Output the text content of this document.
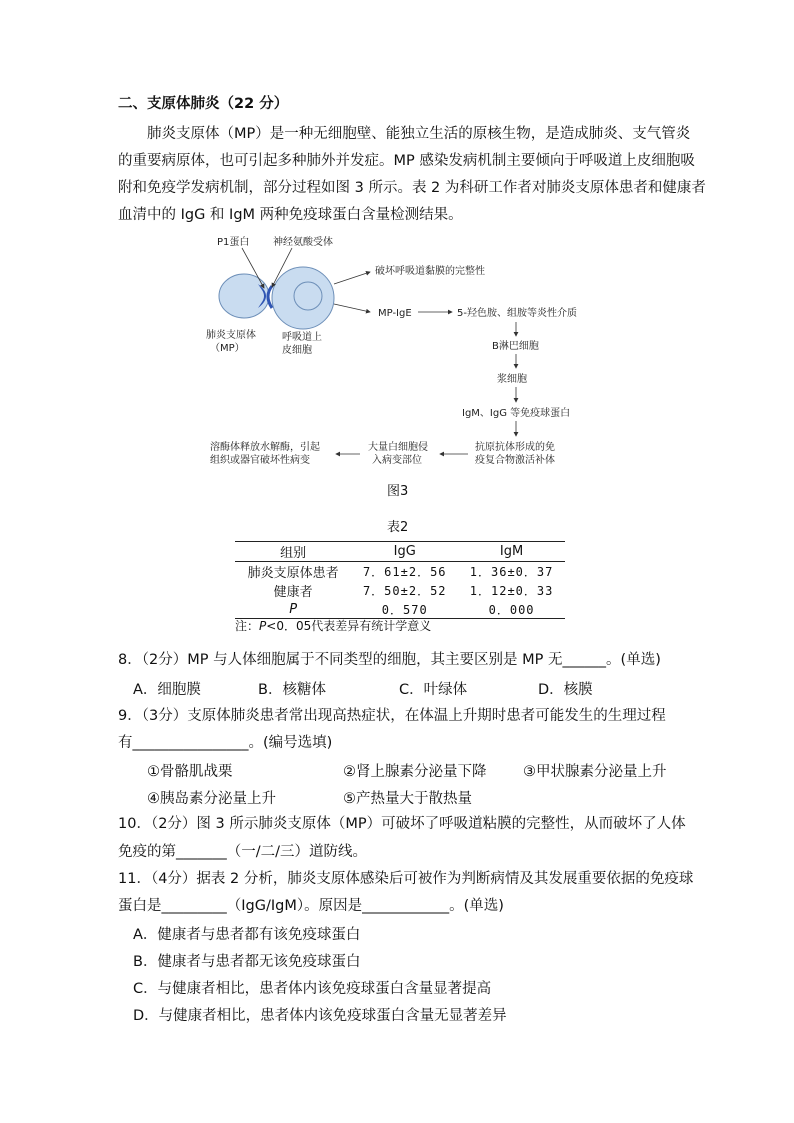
二、支原体肺炎（22 分）
肺炎支原体（MP）是一种无细胞壁、能独立生活的原核生物，是造成肺炎、支气管炎
的重要病原体，也可引起多种肺外并发症。MP 感染发病机制主要倾向于呼吸道上皮细胞吸
附和免疫学发病机制，部分过程如图 3 所示。表 2 为科研工作者对肺炎支原体患者和健康者
血清中的 IgG 和 IgM 两种免疫球蛋白含量检测结果。
P1蛋白 神经氨酸受体
肺炎支原体
（MP）
呼吸道上
皮细胞
破坏呼吸道黏膜的完整性
MP-IgE	5-羟色胺、组胺等炎性介质
B淋巴细胞
浆细胞
IgM、IgG 等免疫球蛋白
抗原抗体形成的免
疫复合物激活补体
大量白细胞侵
入病变部位
溶酶体释放水解酶，引起
组织或器官破坏性病变
图3
表2
组别	IgG	IgM
肺炎支原体患者	7．61±2．56	1．36±0．37
健康者	7．50±2．52	1．12±0．33
P	0．570	0．000
注：P<0．05代表差异有统计学意义
8．（2分）MP 与人体细胞属于不同类型的细胞，其主要区别是 MP 无______。(单选)
A．细胞膜	B．核糖体	C．叶绿体	D．核膜
9．（3分）支原体肺炎患者常出现高热症状，在体温上升期时患者可能发生的生理过程
有________________。(编号选填)
①骨骼肌战栗	②肾上腺素分泌量下降	③甲状腺素分泌量上升
④胰岛素分泌量上升	⑤产热量大于散热量
10．（2分）图 3 所示肺炎支原体（MP）可破坏了呼吸道粘膜的完整性，从而破坏了人体
免疫的第_______（一/二/三）道防线。
11．（4分）据表 2 分析，肺炎支原体感染后可被作为判断病情及其发展重要依据的免疫球
蛋白是_________（IgG/IgM）。原因是____________。(单选)
A．健康者与患者都有该免疫球蛋白
B．健康者与患者都无该免疫球蛋白
C．与健康者相比，患者体内该免疫球蛋白含量显著提高
D．与健康者相比，患者体内该免疫球蛋白含量无显著差异
